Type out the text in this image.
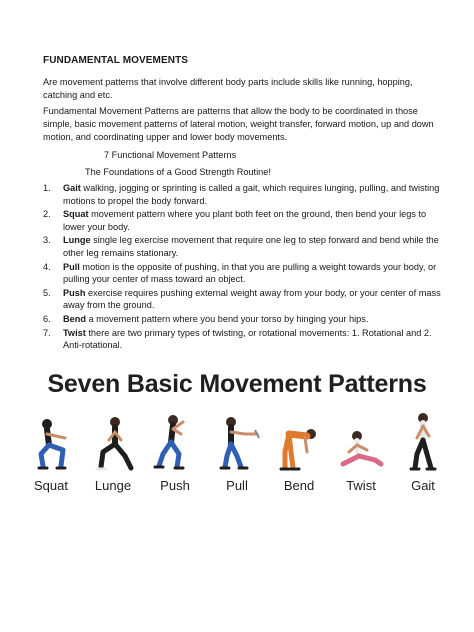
FUNDAMENTAL MOVEMENTS
Are movement patterns that involve different body parts include skills like running, hopping, catching and etc.
Fundamental Movement Patterns are patterns that allow the body to be coordinated in those simple, basic movement patterns of lateral motion, weight transfer, forward motion, up and down motion, and coordinating upper and lower body movements.
7 Functional Movement Patterns
The Foundations of a Good Strength Routine!
1. Gait walking, jogging or sprinting is called a gait, which requires lunging, pulling, and twisting motions to propel the body forward.
2. Squat movement pattern where you plant both feet on the ground, then bend your legs to lower your body.
3. Lunge single leg exercise movement that require one leg to step forward and bend while the other leg remains stationary.
4. Pull motion is the opposite of pushing, in that you are pulling a weight towards your body, or pulling your center of mass toward an object.
5. Push exercise requires pushing external weight away from your body, or your center of mass away from the ground.
6. Bend a movement pattern where you bend your torso by hinging your hips.
7. Twist there are two primary types of twisting, or rotational movements: 1. Rotational and 2. Anti-rotational.
Seven Basic Movement Patterns
Squat	Lunge	Push	Pull	Bend	Twist	Gait
